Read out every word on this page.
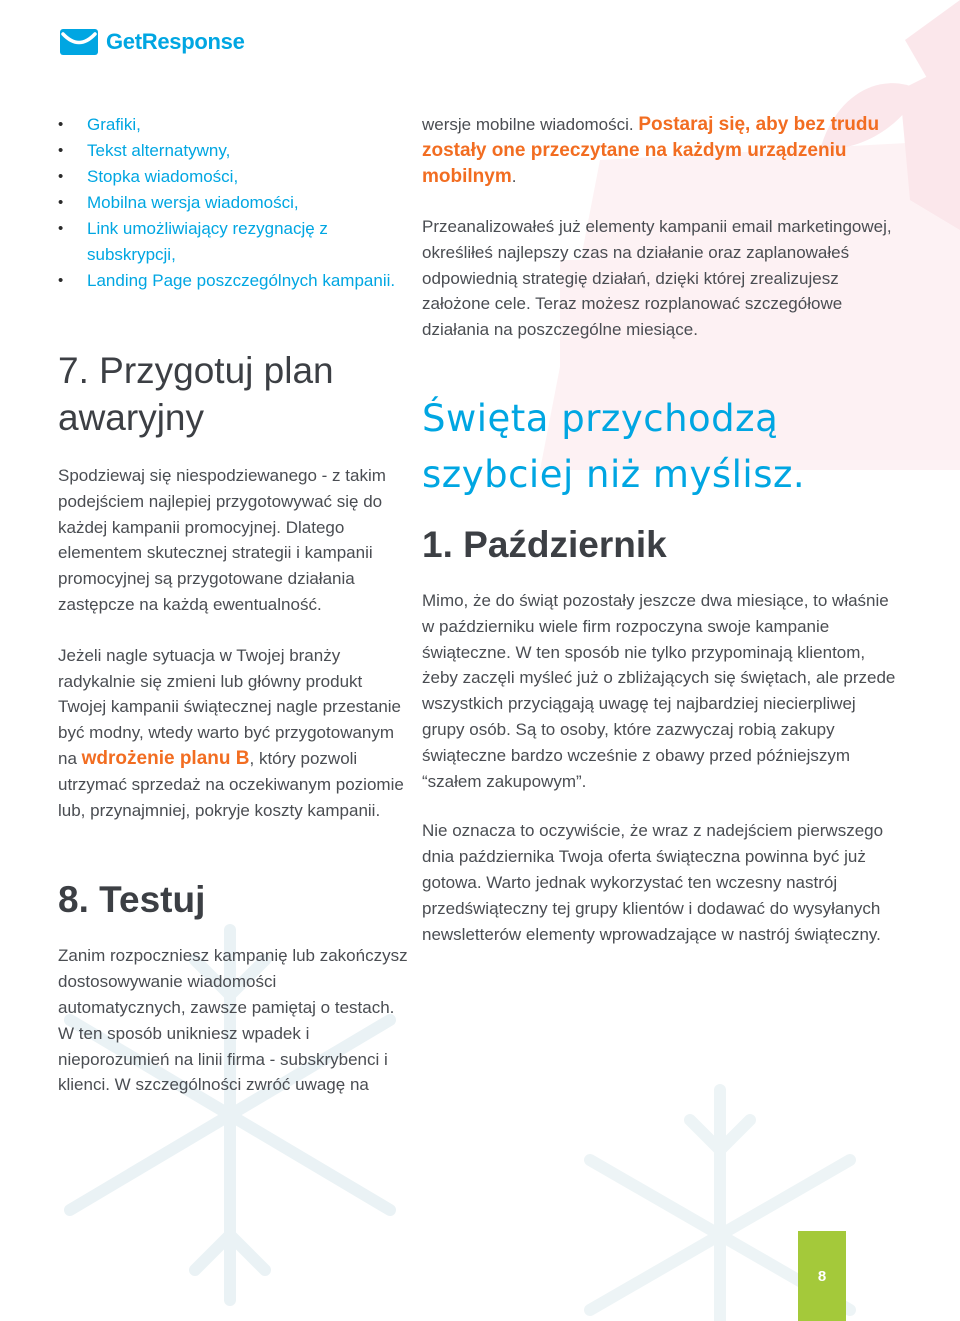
GetResponse
• Grafiki,
• Tekst alternatywny,
• Stopka wiadomości,
• Mobilna wersja wiadomości,
• Link umożliwiający rezygnację z subskrypcji,
• Landing Page poszczególnych kampanii.
7. Przygotuj plan awaryjny

Spodziewaj się niespodziewanego - z takim podejściem najlepiej przygotowywać się do każdej kampanii promocyjnej. Dlatego elementem skutecznej strategii i kampanii promocyjnej są przygotowane działania zastępcze na każdą ewentualność.

Jeżeli nagle sytuacja w Twojej branży radykalnie się zmieni lub główny produkt Twojej kampanii świątecznej nagle przestanie być modny, wtedy warto być przygotowanym na wdrożenie planu B, który pozwoli utrzymać sprzedaż na oczekiwanym poziomie lub, przynajmniej, pokryje koszty kampanii.

8. Testuj

Zanim rozpoczniesz kampanię lub zakończysz dostosowywanie wiadomości automatycznych, zawsze pamiętaj o testach. W ten sposób unikniesz wpadek i nieporozumień na linii firma - subskrybenci i klienci. W szczególności zwróć uwagę na

wersje mobilne wiadomości. Postaraj się, aby bez trudu zostały one przeczytane na każdym urządzeniu mobilnym.

Przeanalizowałeś już elementy kampanii email marketingowej, określiłeś najlepszy czas na działanie oraz zaplanowałeś odpowiednią strategię działań, dzięki której zrealizujesz założone cele. Teraz możesz rozplanować szczegółowe działania na poszczególne miesiące.

Święta przychodzą szybciej niż myślisz.
1. Październik

Mimo, że do świąt pozostały jeszcze dwa miesiące, to właśnie w październiku wiele firm rozpoczyna swoje kampanie świąteczne. W ten sposób nie tylko przypominają klientom, żeby zaczęli myśleć już o zbliżających się świętach, ale przede wszystkich przyciągają uwagę tej najbardziej niecierpliwej grupy osób. Są to osoby, które zazwyczaj robią zakupy świąteczne bardzo wcześnie z obawy przed późniejszym “szałem zakupowym”.

Nie oznacza to oczywiście, że wraz z nadejściem pierwszego dnia października Twoja oferta świąteczna powinna być już gotowa. Warto jednak wykorzystać ten wczesny nastrój przedświąteczny tej grupy klientów i dodawać do wysyłanych newsletterów elementy wprowadzające w nastrój świąteczny.

8
